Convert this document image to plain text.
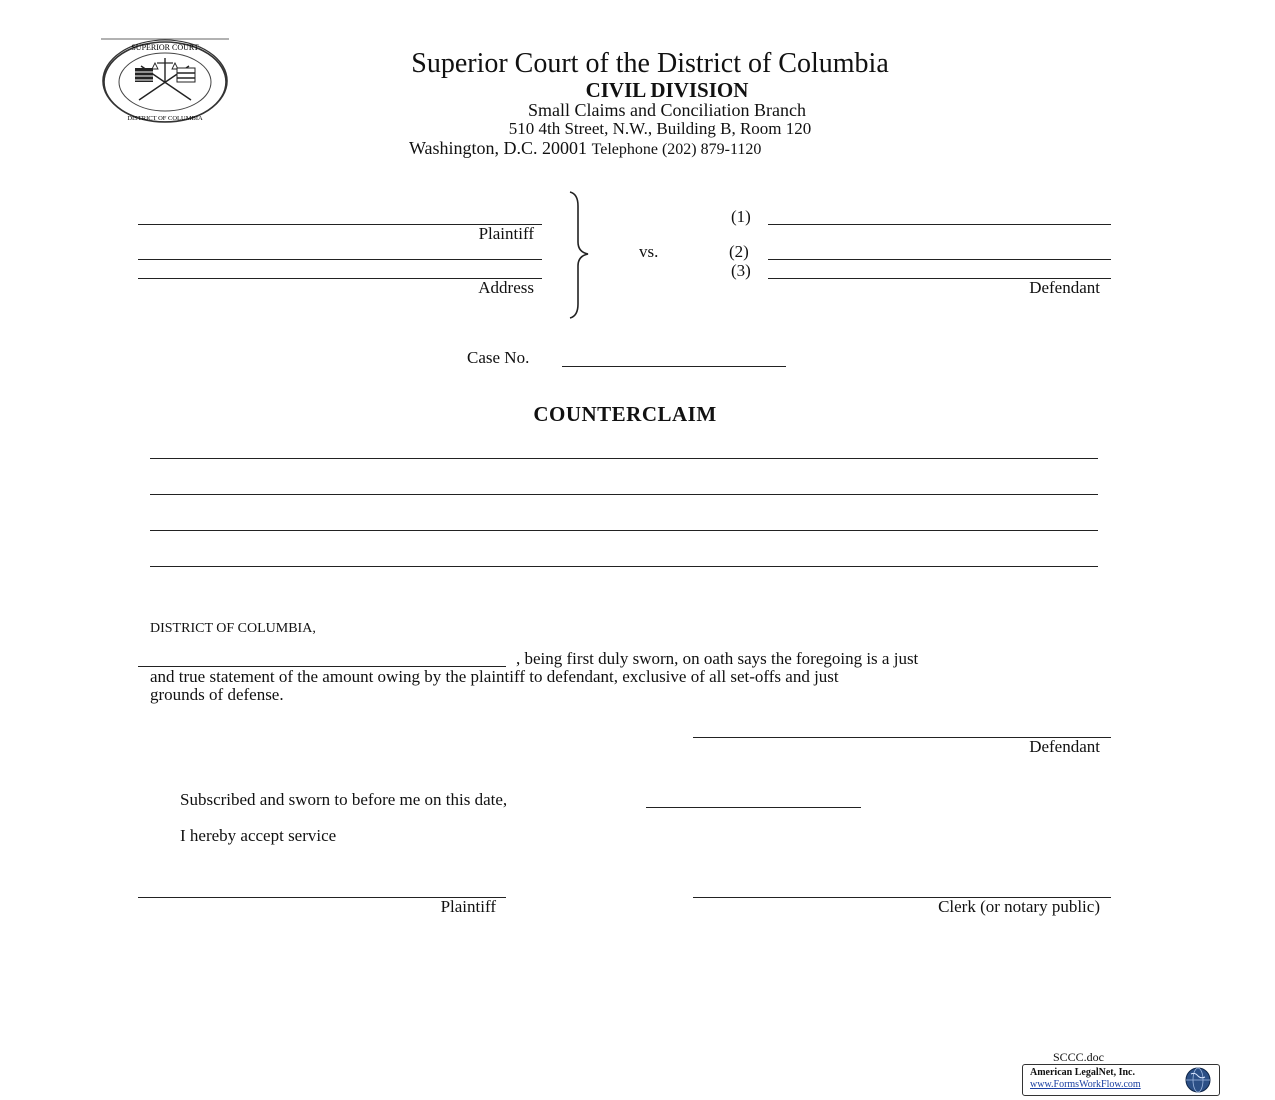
SUPERIOR COURT
DISTRICT OF COLUMBIA
Superior Court of the District of Columbia
CIVIL DIVISION
Small Claims and Conciliation Branch
510 4th Street, N.W., Building B, Room 120
Washington, D.C. 20001 Telephone (202) 879-1120
Plaintiff
Address
vs.
(1)
(2)
(3)
Defendant
Case No.
COUNTERCLAIM
DISTRICT OF COLUMBIA,
, being first duly sworn, on oath says the foregoing is a just
and true statement of the amount owing by the plaintiff to defendant, exclusive of all set-offs and just
grounds of defense.
Defendant
Subscribed and sworn to before me on this date,
I hereby accept service
Plaintiff	Clerk (or notary public)
SCCC.doc
American LegalNet, Inc.
www.FormsWorkFlow.com
